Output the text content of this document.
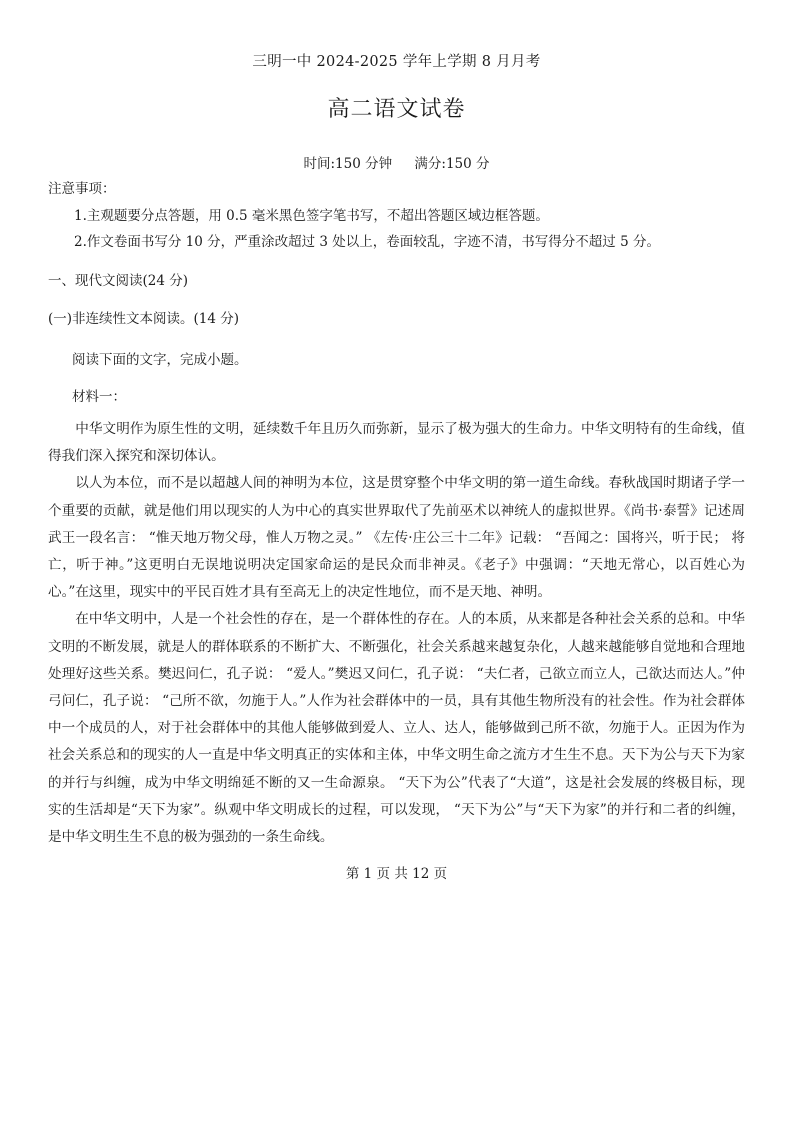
三明一中 2024-2025 学年上学期 8 月月考
高二语文试卷
时间:150 分钟 满分:150 分
注意事项：
1.主观题要分点答题，用 0.5 毫米黑色签字笔书写，不超出答题区域边框答题。
2.作文卷面书写分 10 分，严重涂改超过 3 处以上，卷面较乱，字迹不清，书写得分不超过 5 分。
一、现代文阅读(24 分)
(一)非连续性文本阅读。(14 分)
阅读下面的文字，完成小题。
材料一：

中华文明作为原生性的文明，延续数千年且历久而弥新，显示了极为强大的生命力。中华文明特有的生命线，值得我们深入探究和深切体认。

以人为本位，而不是以超越人间的神明为本位，这是贯穿整个中华文明的第一道生命线。春秋战国时期诸子学一个重要的贡献，就是他们用以现实的人为中心的真实世界取代了先前巫术以神统人的虚拟世界。《尚书·泰誓》记述周武王一段名言： “惟天地万物父母，惟人万物之灵。” 《左传·庄公三十二年》记载： “吾闻之：国将兴，听于民； 将亡，听于神。”这更明白无误地说明决定国家命运的是民众而非神灵。《老子》中强调：“天地无常心，以百姓心为心。”在这里，现实中的平民百姓才具有至高无上的决定性地位，而不是天地、神明。

在中华文明中，人是一个社会性的存在，是一个群体性的存在。人的本质，从来都是各种社会关系的总和。中华文明的不断发展，就是人的群体联系的不断扩大、不断强化，社会关系越来越复杂化，人越来越能够自觉地和合理地处理好这些关系。樊迟问仁，孔子说： “爱人。”樊迟又问仁，孔子说： “夫仁者，己欲立而立人，己欲达而达人。”仲弓问仁，孔子说： “己所不欲，勿施于人。”人作为社会群体中的一员，具有其他生物所没有的社会性。作为社会群体中一个成员的人，对于社会群体中的其他人能够做到爱人、立人、达人，能够做到己所不欲，勿施于人。正因为作为社会关系总和的现实的人一直是中华文明真正的实体和主体，中华文明生命之流方才生生不息。天下为公与天下为家的并行与纠缠，成为中华文明绵延不断的又一生命源泉。 “天下为公”代表了“大道”，这是社会发展的终极目标，现实的生活却是“天下为家”。纵观中华文明成长的过程，可以发现， “天下为公”与“天下为家”的并行和二者的纠缠，是中华文明生生不息的极为强劲的一条生命线。

第 1 页 共 12 页
